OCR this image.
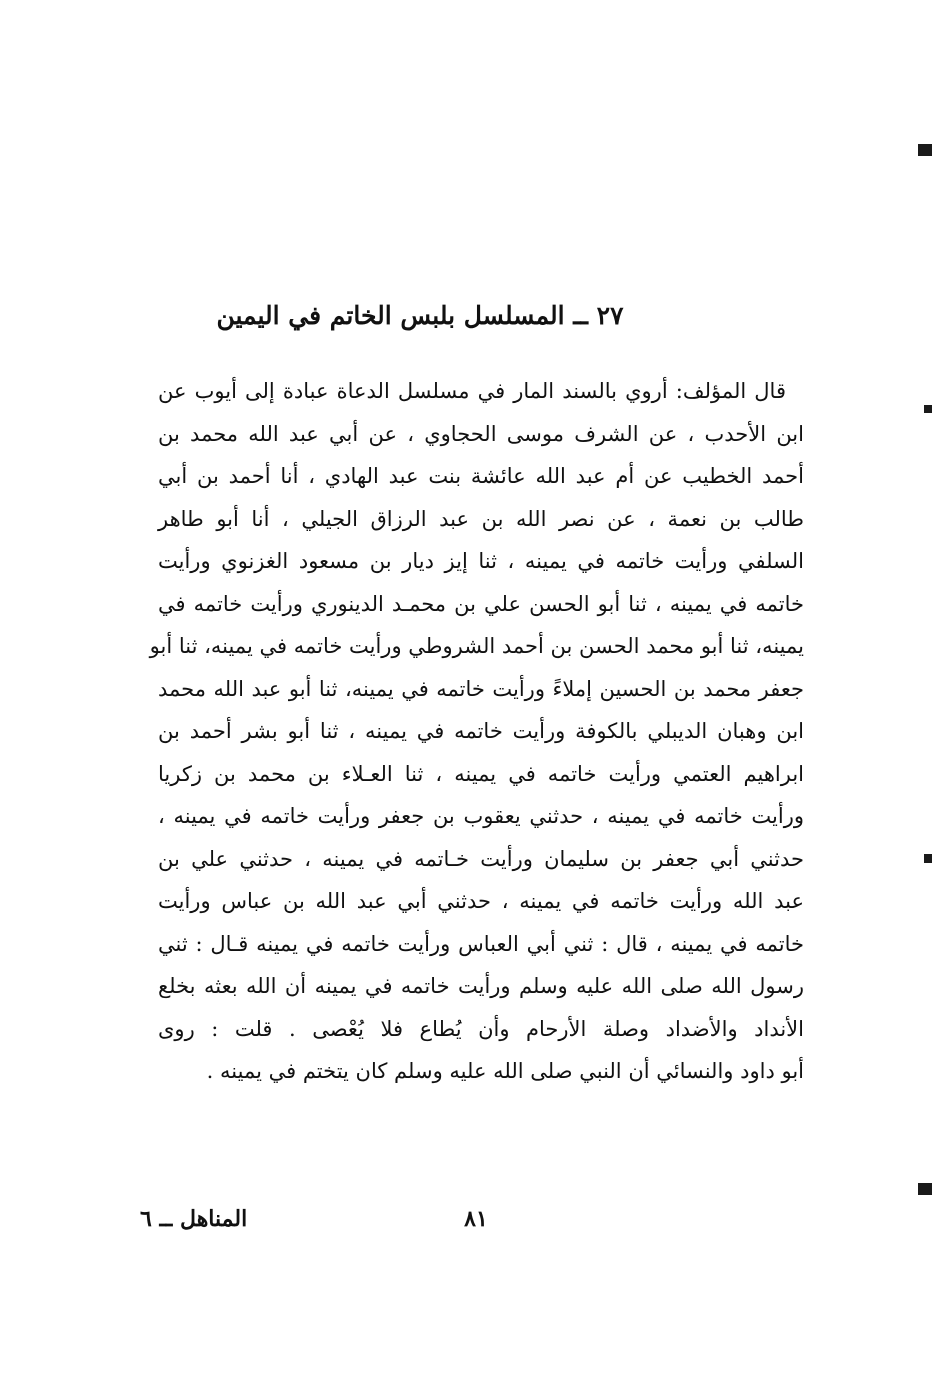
٢٧ ــ المسلسل بلبس الخاتم في اليمين
قال المؤلف: أروي بالسند المار في مسلسل الدعاة عبادة إلى أيوب عن
ابن الأحدب ، عن الشرف موسى الحجاوي ، عن أبي عبد الله محمد بن
أحمد الخطيب عن أم عبد الله عائشة بنت عبد الهادي ، أنا أحمد بن أبي
طالب بن نعمة ، عن نصر الله بن عبد الرزاق الجيلي ، أنا أبو طاهر
السلفي ورأيت خاتمه في يمينه ، ثنا إيز ديار بن مسعود الغزنوي ورأيت
خاتمه في يمينه ، ثنا أبو الحسن علي بن محمـد الدينوري ورأيت خاتمه في
يمينه، ثنا أبو محمد الحسن بن أحمد الشروطي ورأيت خاتمه في يمينه، ثنا أبو
جعفر محمد بن الحسين إملاءً ورأيت خاتمه في يمينه، ثنا أبو عبد الله محمد
ابن وهبان الديبلي بالكوفة ورأيت خاتمه في يمينه ، ثنا أبو بشر أحمد بن
ابراهيم العتمي ورأيت خاتمه في يمينه ، ثنا العـلاء بن محمد بن زكريا
ورأيت خاتمه في يمينه ، حدثني يعقوب بن جعفر ورأيت خاتمه في يمينه ،
حدثني أبي جعفر بن سليمان ورأيت خـاتمه في يمينه ، حدثني علي بن
عبد الله ورأيت خاتمه في يمينه ، حدثني أبي عبد الله بن عباس ورأيت
خاتمه في يمينه ، قال : ثني أبي العباس ورأيت خاتمه في يمينه قـال : ثني
رسول الله صلى الله عليه وسلم ورأيت خاتمه في يمينه أن الله بعثه بخلع
الأنداد والأضداد وصلة الأرحام وأن يُطاع فلا يُعْصى . قلت : روى
أبو داود والنسائي أن النبي صلى الله عليه وسلم كان يتختم في يمينه .
المناهل ــ ٦	٨١
